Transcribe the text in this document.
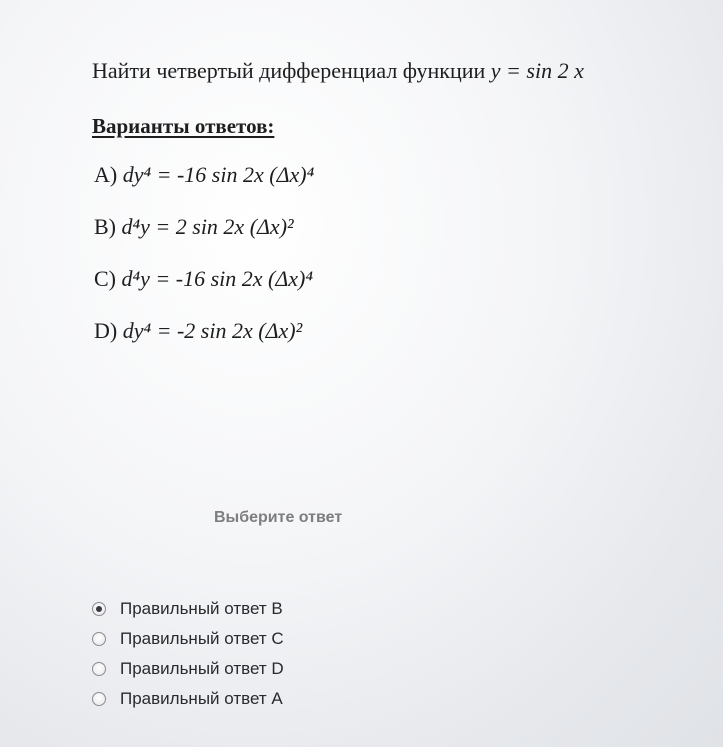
Найти четвертый дифференциал функции y = sin 2 x
Варианты ответов:
A) dy⁴ = -16 sin 2x (Δx)⁴
B) d⁴y = 2 sin 2x (Δx)²
C) d⁴y = -16 sin 2x (Δx)⁴
D) dy⁴ = -2 sin 2x (Δx)²
Выберите ответ
Правильный ответ B
Правильный ответ C
Правильный ответ D
Правильный ответ A
